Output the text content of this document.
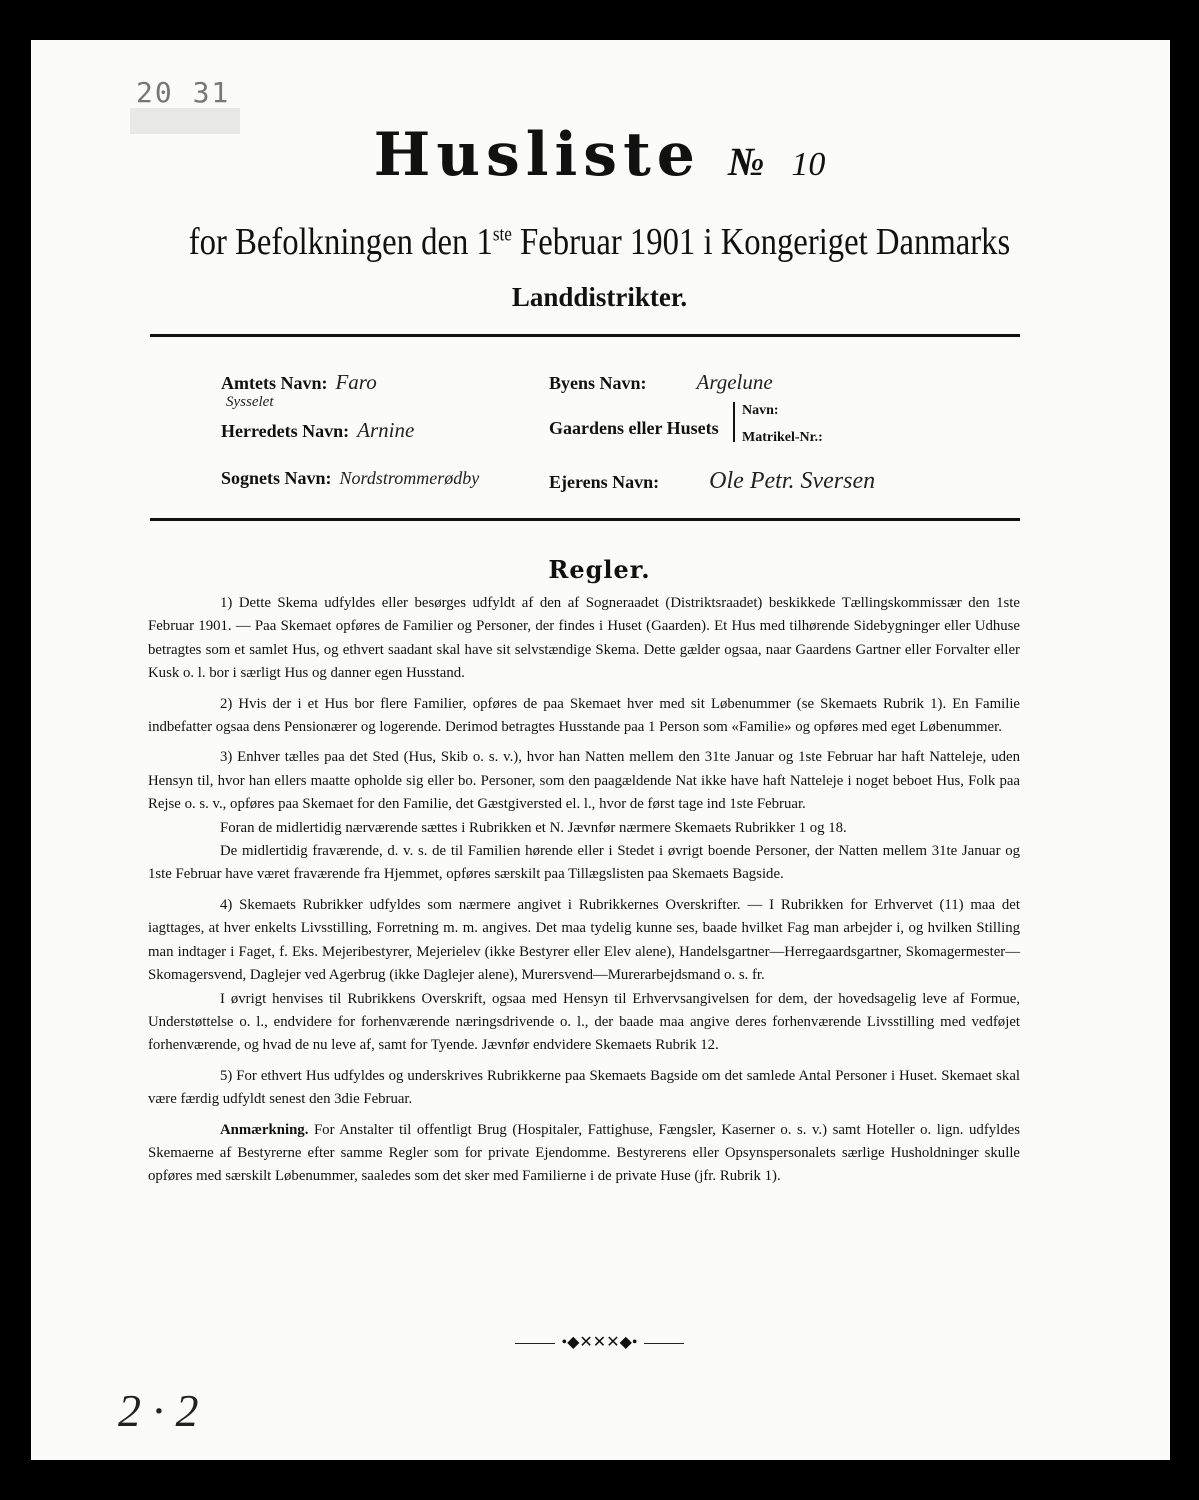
20 31
Husliste № 10
for Befolkningen den 1ste Februar 1901 i Kongeriget Danmarks
Landdistrikter.
Amtets Navn: Faro	Byens Navn: Argelune
Sysselet
Herredets Navn: Arnine	Gaardens eller Husets
Navn:
Matrikel-Nr.:
Sognets Navn: Nordstrommerødby	Ejerens Navn: Ole Petr. Sversen
Regler.

1) Dette Skema udfyldes eller besørges udfyldt af den af Sogneraadet (Distriktsraadet) beskikkede Tællingskommissær den 1ste Februar 1901. — Paa Skemaet opføres de Familier og Personer, der findes i Huset (Gaarden). Et Hus med tilhørende Sidebygninger eller Udhuse betragtes som et samlet Hus, og ethvert saadant skal have sit selvstændige Skema. Dette gælder ogsaa, naar Gaardens Gartner eller Forvalter eller Kusk o. l. bor i særligt Hus og danner egen Husstand.

2) Hvis der i et Hus bor flere Familier, opføres de paa Skemaet hver med sit Løbenummer (se Skemaets Rubrik 1). En Familie indbefatter ogsaa dens Pensionærer og logerende. Derimod betragtes Husstande paa 1 Person som «Familie» og opføres med eget Løbenummer.

3) Enhver tælles paa det Sted (Hus, Skib o. s. v.), hvor han Natten mellem den 31te Januar og 1ste Februar har haft Natteleje, uden Hensyn til, hvor han ellers maatte opholde sig eller bo. Personer, som den paagældende Nat ikke have haft Natteleje i noget beboet Hus, Folk paa Rejse o. s. v., opføres paa Skemaet for den Familie, det Gæstgiversted el. l., hvor de først tage ind 1ste Februar.

Foran de midlertidig nærværende sættes i Rubrikken et N. Jævnfør nærmere Skemaets Rubrikker 1 og 18.

De midlertidig fraværende, d. v. s. de til Familien hørende eller i Stedet i øvrigt boende Personer, der Natten mellem 31te Januar og 1ste Februar have været fraværende fra Hjemmet, opføres særskilt paa Tillægslisten paa Skemaets Bagside.

4) Skemaets Rubrikker udfyldes som nærmere angivet i Rubrikkernes Overskrifter. — I Rubrikken for Erhvervet (11) maa det iagttages, at hver enkelts Livsstilling, Forretning m. m. angives. Det maa tydelig kunne ses, baade hvilket Fag man arbejder i, og hvilken Stilling man indtager i Faget, f. Eks. Mejeribestyrer, Mejerielev (ikke Bestyrer eller Elev alene), Handelsgartner—Herregaardsgartner, Skomagermester—Skomagersvend, Daglejer ved Agerbrug (ikke Daglejer alene), Murersvend—Murerarbejdsmand o. s. fr.

I øvrigt henvises til Rubrikkens Overskrift, ogsaa med Hensyn til Erhvervsangivelsen for dem, der hovedsagelig leve af Formue, Understøttelse o. l., endvidere for forhenværende næringsdrivende o. l., der baade maa angive deres forhenværende Livsstilling med vedføjet forhenværende, og hvad de nu leve af, samt for Tyende. Jævnfør endvidere Skemaets Rubrik 12.

5) For ethvert Hus udfyldes og underskrives Rubrikkerne paa Skemaets Bagside om det samlede Antal Personer i Huset. Skemaet skal være færdig udfyldt senest den 3die Februar.

Anmærkning. For Anstalter til offentligt Brug (Hospitaler, Fattighuse, Fængsler, Kaserner o. s. v.) samt Hoteller o. lign. udfyldes Skemaerne af Bestyrerne efter samme Regler som for private Ejendomme. Bestyrerens eller Opsynspersonalets særlige Husholdninger skulle opføres med særskilt Løbenummer, saaledes som det sker med Familierne i de private Huse (jfr. Rubrik 1).

•◆✕✕✕◆•
2 · 2
